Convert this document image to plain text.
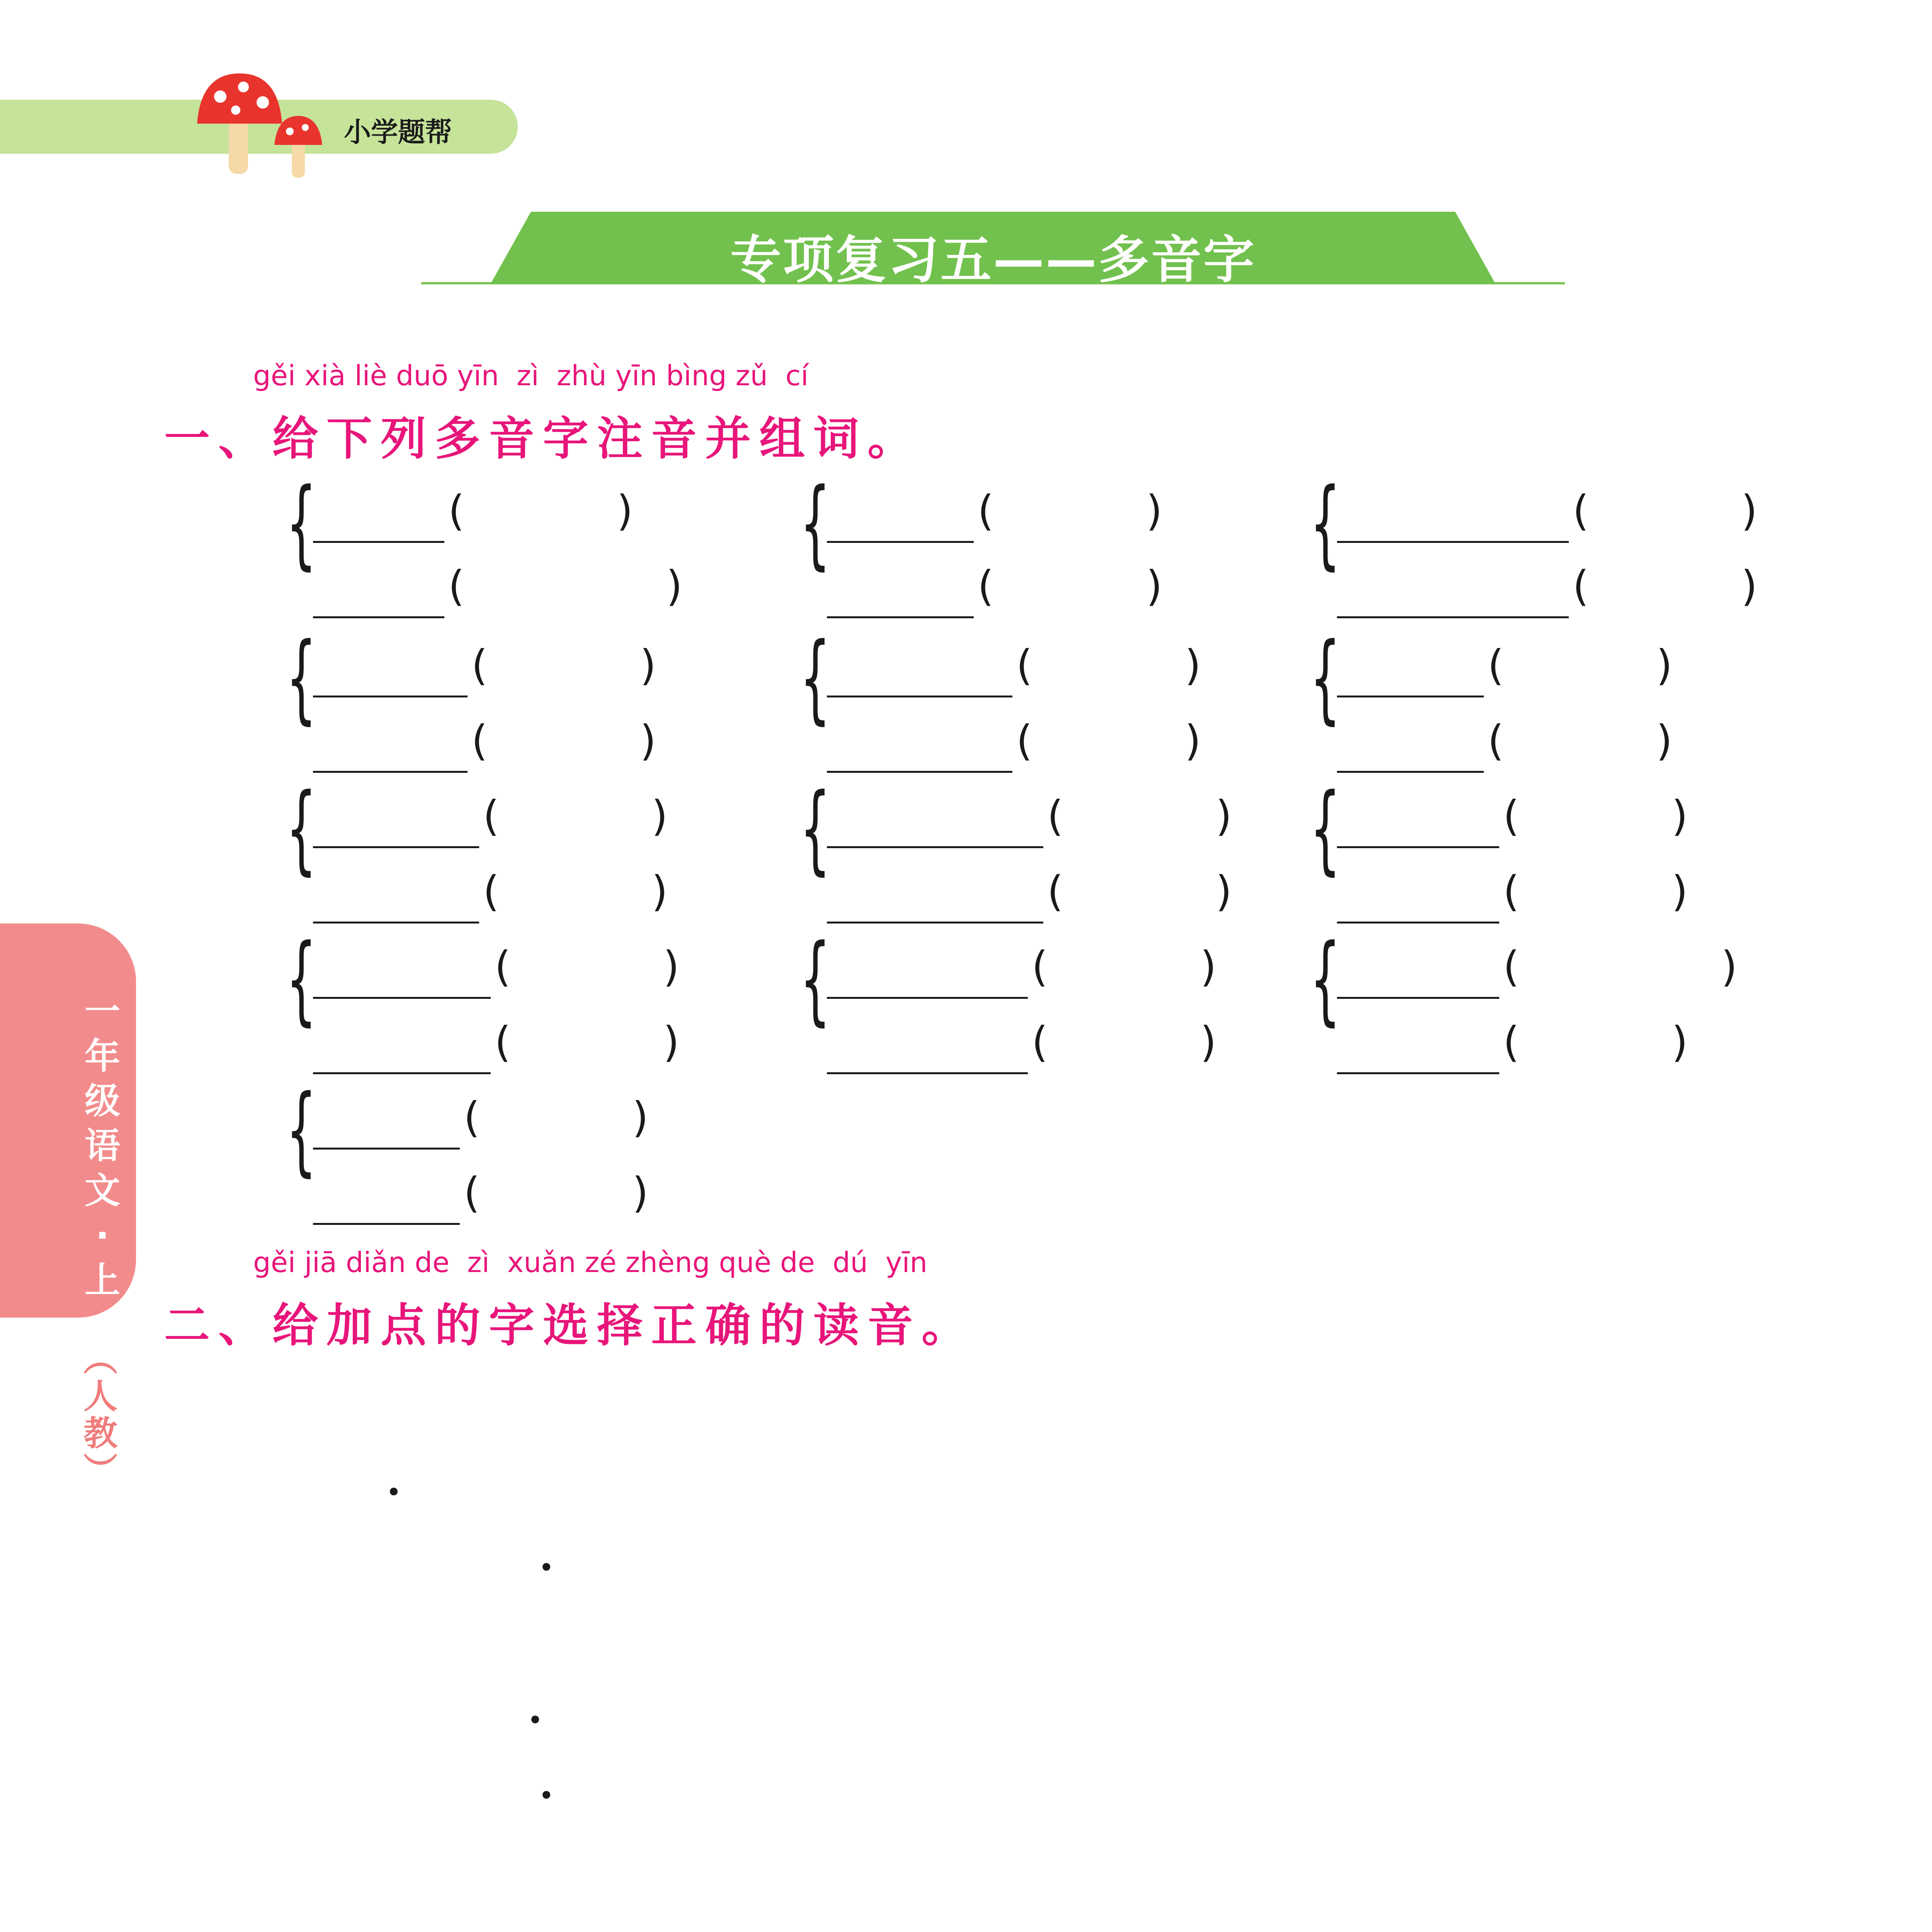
小学题帮
专项复习五——多音字
一
年
级
语
文
·
上
︵
人
教
︶
gěi xià liè duō yīn  zì  zhù yīn bìng zǔ  cí
一、给下列多音字注音并组词。
{	(	)
(	)
{	(	)
(	)
{	(	)
(	)
{	(	)
(	)
{	(	)
(	)
{	(	)
(	)
{	(	)
(	)
{	(	)
(	)
{	(	)
(	)
{	(	)
(	)
{	(	)
(	)
{	(	)
(	)
{	(	)
(	)
gěi jiā diǎn de  zì  xuǎn zé zhèng què de  dú  yīn
二、给加点的字选择正确的读音。
